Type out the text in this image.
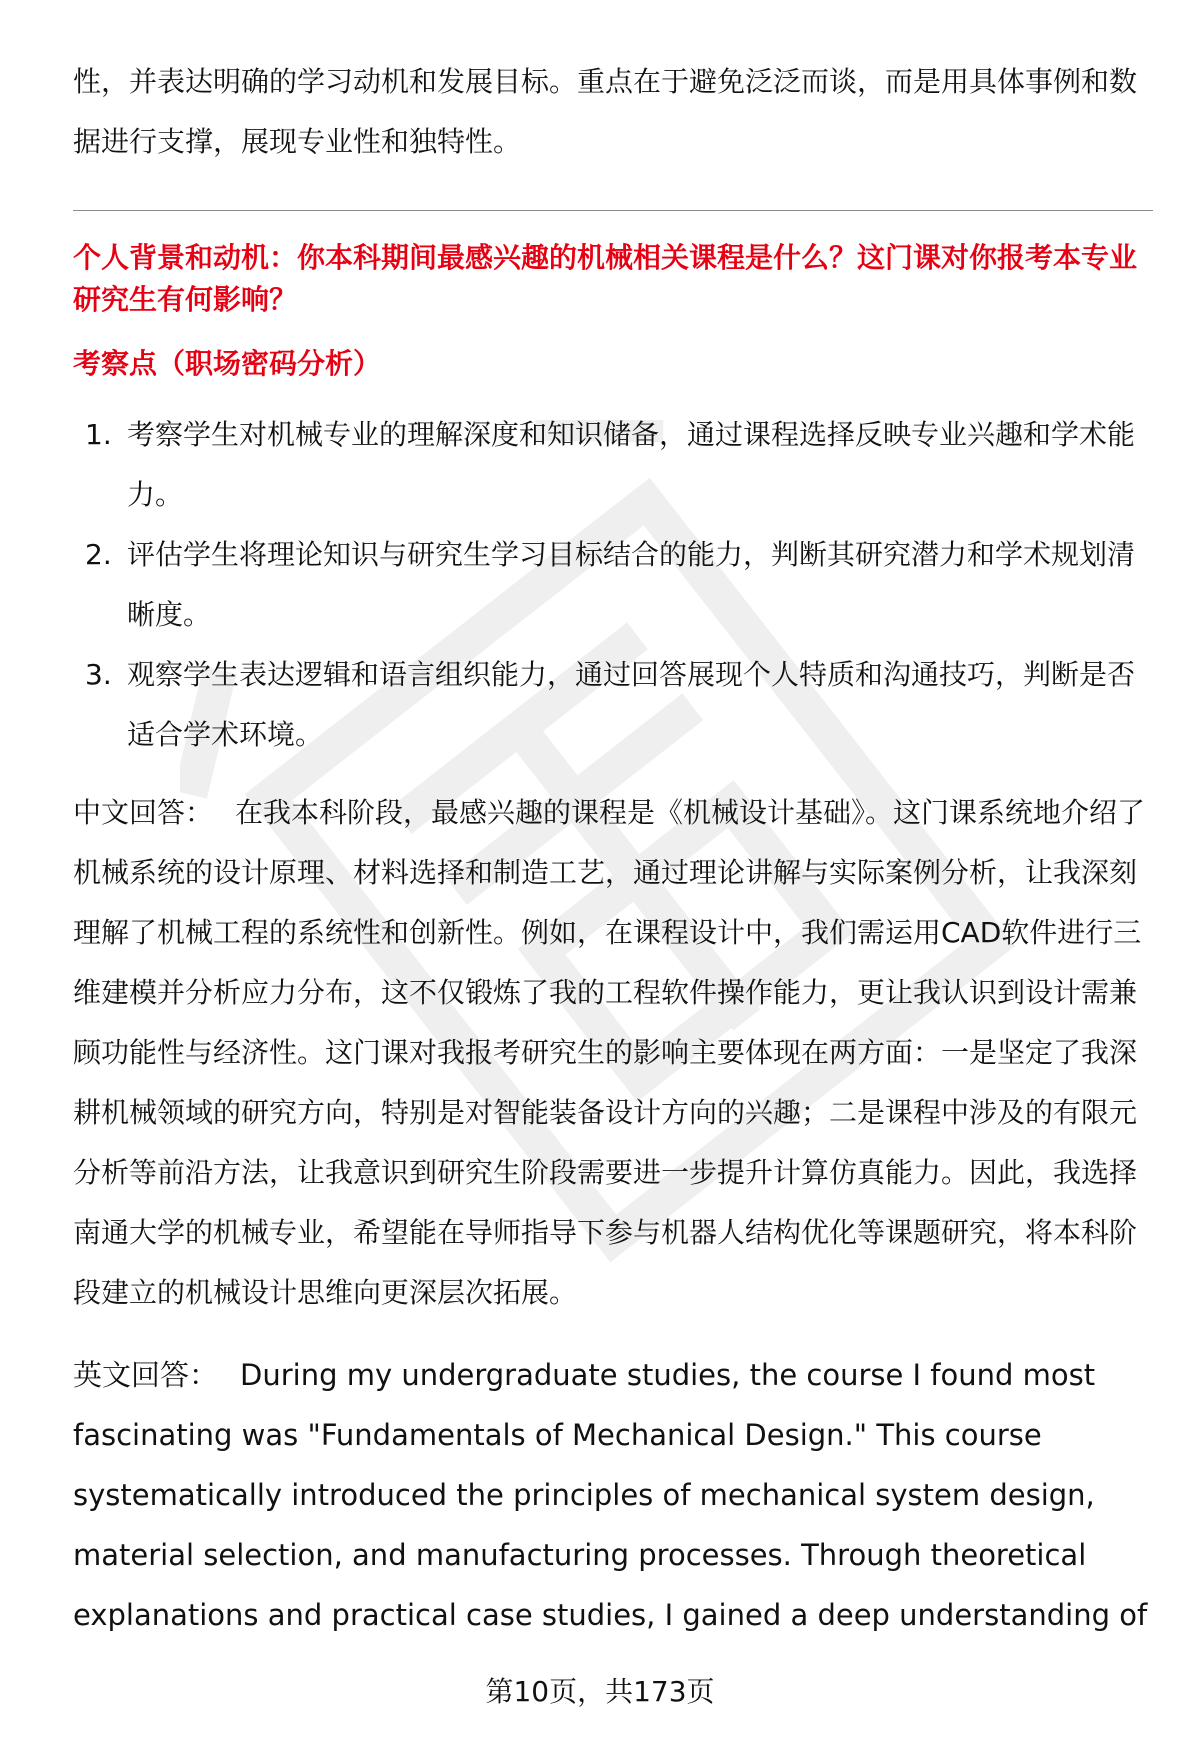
性，并表达明确的学习动机和发展目标。重点在于避免泛泛而谈，而是用具体事例和数据进行支撑，展现专业性和独特性。

个人背景和动机：你本科期间最感兴趣的机械相关课程是什么？这门课对你报考本专业研究生有何影响？

考察点（职场密码分析）

1. 考察学生对机械专业的理解深度和知识储备，通过课程选择反映专业兴趣和学术能力。
2. 评估学生将理论知识与研究生学习目标结合的能力，判断其研究潜力和学术规划清晰度。
3. 观察学生表达逻辑和语言组织能力，通过回答展现个人特质和沟通技巧，判断是否适合学术环境。
中文回答： 在我本科阶段，最感兴趣的课程是《机械设计基础》。这门课系统地介绍了机械系统的设计原理、材料选择和制造工艺，通过理论讲解与实际案例分析，让我深刻理解了机械工程的系统性和创新性。例如，在课程设计中，我们需运用CAD软件进行三维建模并分析应力分布，这不仅锻炼了我的工程软件操作能力，更让我认识到设计需兼顾功能性与经济性。这门课对我报考研究生的影响主要体现在两方面：一是坚定了我深耕机械领域的研究方向，特别是对智能装备设计方向的兴趣；二是课程中涉及的有限元分析等前沿方法，让我意识到研究生阶段需要进一步提升计算仿真能力。因此，我选择南通大学的机械专业，希望能在导师指导下参与机器人结构优化等课题研究，将本科阶段建立的机械设计思维向更深层次拓展。
英文回答： During my undergraduate studies, the course I found most fascinating was "Fundamentals of Mechanical Design." This course systematically introduced the principles of mechanical system design, material selection, and manufacturing processes. Through theoretical explanations and practical case studies, I gained a deep understanding of
第10页，共173页
